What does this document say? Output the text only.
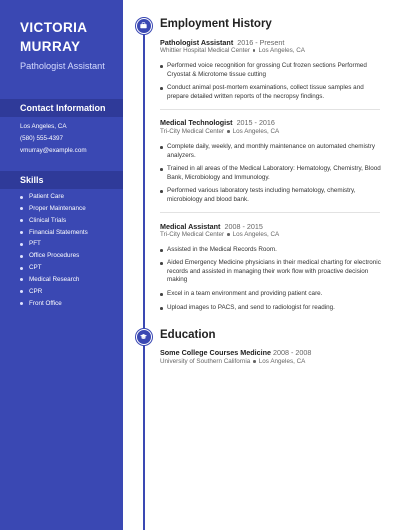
VICTORIA MURRAY
Pathologist Assistant
Contact Information
Los Angeles, CA
(580) 555-4397
vmurray@example.com
Skills
Patient Care
Proper Maintenance
Clinical Trials
Financial Statements
PFT
Office Procedures
CPT
Medical Research
CPR
Front Office
Employment History
Pathologist Assistant 2016 - Present
Whittier Hospital Medical Center Los Angeles, CA
Performed voice recognition for grossing Cut frozen sections Performed Cryostat & Microtome tissue cutting
Conduct animal post-mortem examinations, collect tissue samples and prepare detailed written reports of the necropsy findings.
Medical Technologist 2015 - 2016
Tri-City Medical Center Los Angeles, CA
Complete daily, weekly, and monthly maintenance on automated chemistry analyzers.
Trained in all areas of the Medical Laboratory: Hematology, Chemistry, Blood Bank, Microbiology and Immunology.
Performed various laboratory tests including hematology, chemistry, microbiology and blood bank.
Medical Assistant 2008 - 2015
Tri-City Medical Center Los Angeles, CA
Assisted in the Medical Records Room.
Aided Emergency Medicine physicians in their medical charting for electronic records and assisted in managing their work flow with proactive decision making
Excel in a team environment and providing patient care.
Upload images to PACS, and send to radiologist for reading.
Education
Some College Courses Medicine 2008 - 2008
University of Southern California Los Angeles, CA
